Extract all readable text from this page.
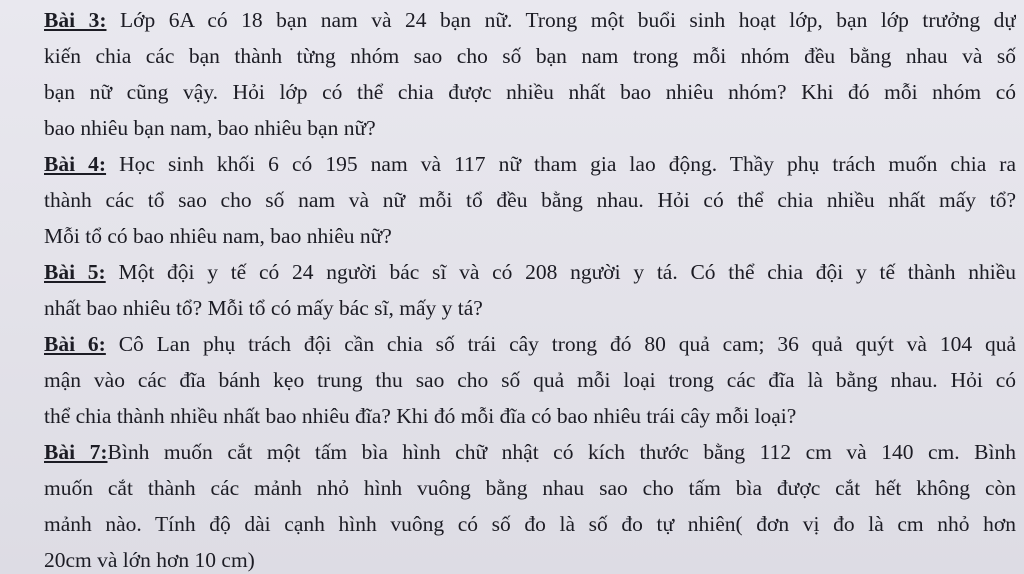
Bài 3: Lớp 6A có 18 bạn nam và 24 bạn nữ. Trong một buổi sinh hoạt lớp, bạn lớp trưởng dự
kiến chia các bạn thành từng nhóm sao cho số bạn nam trong mỗi nhóm đều bằng nhau và số
bạn nữ cũng vậy. Hỏi lớp có thể chia được nhiều nhất bao nhiêu nhóm? Khi đó mỗi nhóm có
bao nhiêu bạn nam, bao nhiêu bạn nữ?
Bài 4: Học sinh khối 6 có 195 nam và 117 nữ tham gia lao động. Thầy phụ trách muốn chia ra
thành các tổ sao cho số nam và nữ mỗi tổ đều bằng nhau. Hỏi có thể chia nhiều nhất mấy tổ?
Mỗi tổ có bao nhiêu nam, bao nhiêu nữ?
Bài 5: Một đội y tế có 24 người bác sĩ và có 208 người y tá. Có thể chia đội y tế thành nhiều
nhất bao nhiêu tổ? Mỗi tổ có mấy bác sĩ, mấy y tá?
Bài 6: Cô Lan phụ trách đội cần chia số trái cây trong đó 80 quả cam; 36 quả quýt và 104 quả
mận vào các đĩa bánh kẹo trung thu sao cho số quả mỗi loại trong các đĩa là bằng nhau. Hỏi có
thể chia thành nhiều nhất bao nhiêu đĩa? Khi đó mỗi đĩa có bao nhiêu trái cây mỗi loại?
Bài 7:Bình muốn cắt một tấm bìa hình chữ nhật có kích thước bằng 112 cm và 140 cm. Bình
muốn cắt thành các mảnh nhỏ hình vuông bằng nhau sao cho tấm bìa được cắt hết không còn
mảnh nào. Tính độ dài cạnh hình vuông có số đo là số đo tự nhiên( đơn vị đo là cm nhỏ hơn
20cm và lớn hơn 10 cm)
